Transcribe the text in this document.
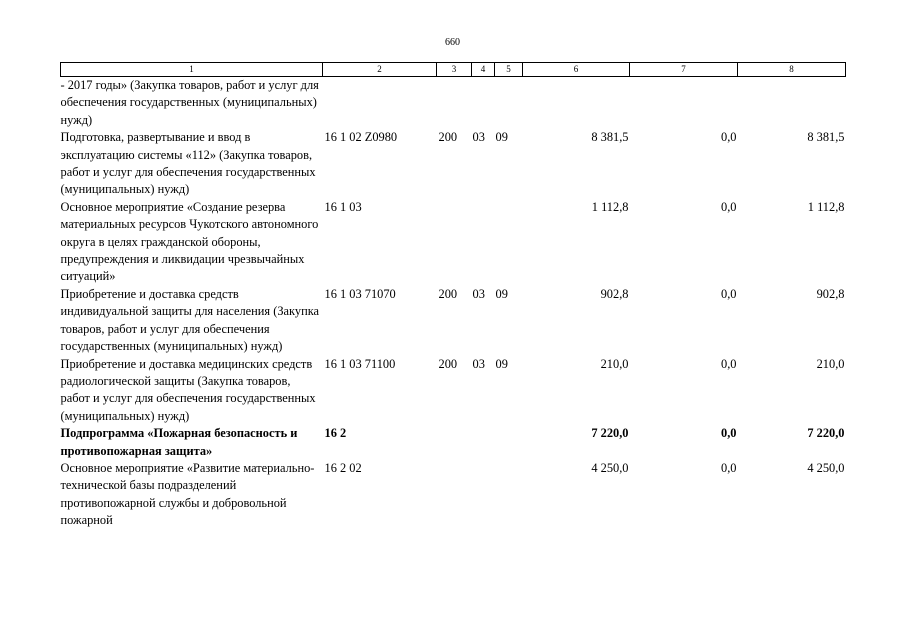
660
1	2	3	4	5	6	7	8
- 2017 годы» (Закупка товаров, работ и услуг для обеспечения государственных (муниципальных) нужд)							
Подготовка, развертывание и ввод в эксплуатацию системы «112» (Закупка товаров, работ и услуг для обеспечения государственных (муниципальных) нужд)	16 1 02 Z0980	200	03	09	8 381,5	0,0	8 381,5
Основное мероприятие «Создание резерва материальных ресурсов Чукотского автономного округа в целях гражданской обороны, предупреждения и ликвидации чрезвычайных ситуаций»	16 1 03				1 112,8	0,0	1 112,8
Приобретение и доставка средств индивидуальной защиты для населения (Закупка товаров, работ и услуг для обеспечения государственных (муниципальных) нужд)	16 1 03 71070	200	03	09	902,8	0,0	902,8
Приобретение и доставка медицинских средств радиологической защиты (Закупка товаров, работ и услуг для обеспечения государственных (муниципальных) нужд)	16 1 03 71100	200	03	09	210,0	0,0	210,0
Подпрограмма «Пожарная безопасность и противопожарная защита»	16 2				7 220,0	0,0	7 220,0
Основное мероприятие «Развитие материально-технической базы подразделений противопожарной службы и добровольной пожарной	16 2 02				4 250,0	0,0	4 250,0
